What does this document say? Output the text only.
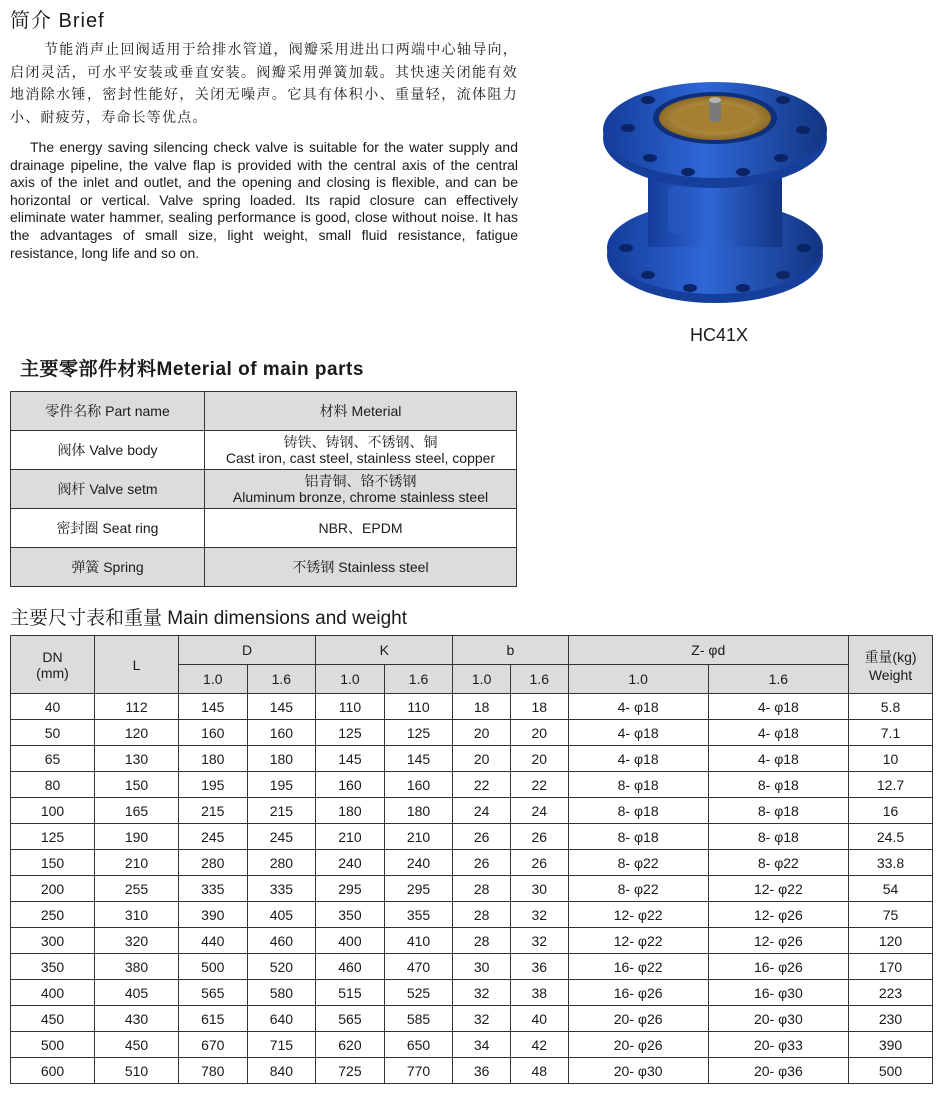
简介 Brief

节能消声止回阀适用于给排水管道，阀瓣采用进出口两端中心轴导向，启闭灵活，可水平安装或垂直安装。阀瓣采用弹簧加载。其快速关闭能有效地消除水锤，密封性能好，关闭无噪声。它具有体积小、重量轻，流体阻力小、耐疲劳，寿命长等优点。

The energy saving silencing check valve is suitable for the water supply and drainage pipeline, the valve flap is provided with the central axis of the central axis of the inlet and outlet, and the opening and closing is flexible, and can be horizontal or vertical. Valve spring loaded. Its rapid closure can effectively eliminate water hammer, sealing performance is good, close without noise. It has the advantages of small size, light weight, small fluid resistance, fatigue resistance, long life and so on.

HC41X
主要零部件材料Meterial of main parts
零件名称 Part name	材料 Meterial
阀体 Valve body	铸铁、铸钢、不锈钢、铜
Cast iron, cast steel, stainless steel, copper
阀杆 Valve setm	铝青铜、铬不锈钢
Aluminum bronze, chrome stainless steel
密封圈 Seat ring	NBR、EPDM
弹簧 Spring	不锈钢 Stainless steel
主要尺寸表和重量 Main dimensions and weight
DN
(mm)	L	D		K		b		Z- φd		重量(kg)
Weight
		1.0	1.6	1.0	1.6	1.0	1.6	1.0	1.6	
40	112	145	145	110	110	18	18	4- φ18	4- φ18	5.8
50	120	160	160	125	125	20	20	4- φ18	4- φ18	7.1
65	130	180	180	145	145	20	20	4- φ18	4- φ18	10
80	150	195	195	160	160	22	22	8- φ18	8- φ18	12.7
100	165	215	215	180	180	24	24	8- φ18	8- φ18	16
125	190	245	245	210	210	26	26	8- φ18	8- φ18	24.5
150	210	280	280	240	240	26	26	8- φ22	8- φ22	33.8
200	255	335	335	295	295	28	30	8- φ22	12- φ22	54
250	310	390	405	350	355	28	32	12- φ22	12- φ26	75
300	320	440	460	400	410	28	32	12- φ22	12- φ26	120
350	380	500	520	460	470	30	36	16- φ22	16- φ26	170
400	405	565	580	515	525	32	38	16- φ26	16- φ30	223
450	430	615	640	565	585	32	40	20- φ26	20- φ30	230
500	450	670	715	620	650	34	42	20- φ26	20- φ33	390
600	510	780	840	725	770	36	48	20- φ30	20- φ36	500
